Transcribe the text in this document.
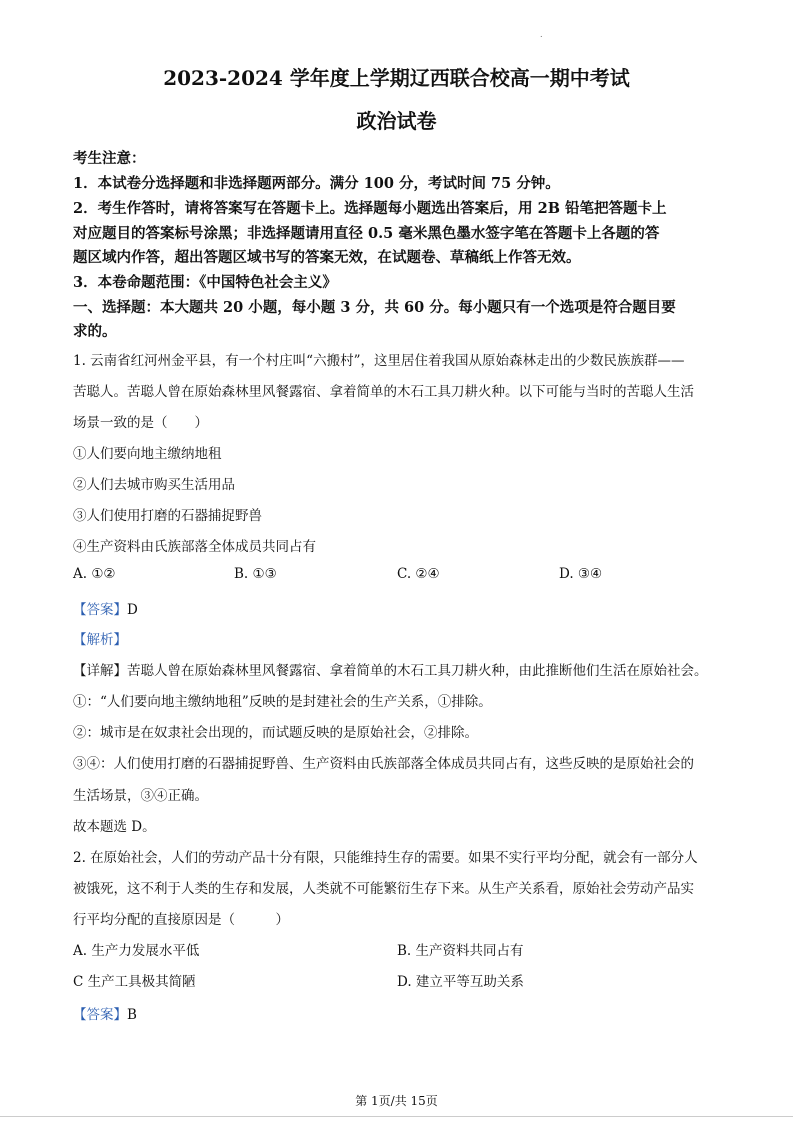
.
2023-2024 学年度上学期辽西联合校高一期中考试
政治试卷
考生注意：
1．本试卷分选择题和非选择题两部分。满分 100 分，考试时间 75 分钟。
2．考生作答时，请将答案写在答题卡上。选择题每小题选出答案后，用 2B 铅笔把答题卡上
对应题目的答案标号涂黑；非选择题请用直径 0.5 毫米黑色墨水签字笔在答题卡上各题的答
题区域内作答，超出答题区域书写的答案无效，在试题卷、草稿纸上作答无效。
3．本卷命题范围：《中国特色社会主义》
一、选择题：本大题共 20 小题，每小题 3 分，共 60 分。每小题只有一个选项是符合题目要
求的。
1. 云南省红河州金平县，有一个村庄叫“六搬村”，这里居住着我国从原始森林走出的少数民族族群——
苦聪人。苦聪人曾在原始森林里风餐露宿、拿着简单的木石工具刀耕火种。以下可能与当时的苦聪人生活
场景一致的是（　　）
①人们要向地主缴纳地租
②人们去城市购买生活用品
③人们使用打磨的石器捕捉野兽
④生产资料由氏族部落全体成员共同占有
A. ①②	B. ①③	C. ②④	D. ③④
【答案】D
【解析】
【详解】苦聪人曾在原始森林里风餐露宿、拿着简单的木石工具刀耕火种，由此推断他们生活在原始社会。
①：“人们要向地主缴纳地租”反映的是封建社会的生产关系，①排除。
②：城市是在奴隶社会出现的，而试题反映的是原始社会，②排除。
③④：人们使用打磨的石器捕捉野兽、生产资料由氏族部落全体成员共同占有，这些反映的是原始社会的
生活场景，③④正确。
故本题选 D。
2. 在原始社会，人们的劳动产品十分有限，只能维持生存的需要。如果不实行平均分配，就会有一部分人
被饿死，这不利于人类的生存和发展，人类就不可能繁衍生存下来。从生产关系看，原始社会劳动产品实
行平均分配的直接原因是（　　　）
A. 生产力发展水平低	B. 生产资料共同占有
C 生产工具极其简陋	D. 建立平等互助关系
【答案】B
第 1页/共 15页
